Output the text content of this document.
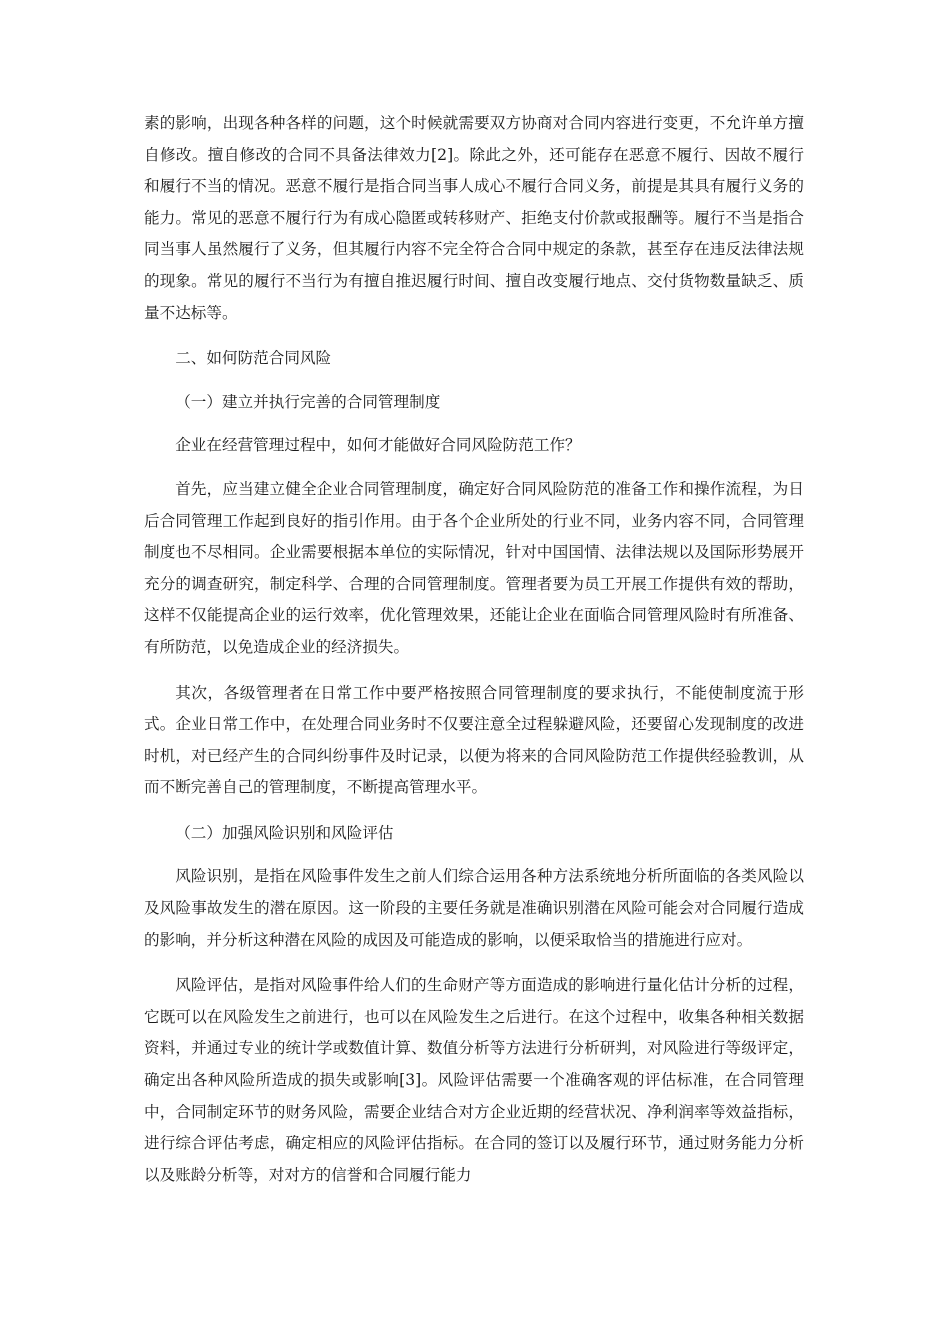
素的影响，出现各种各样的问题，这个时候就需要双方协商对合同内容进行变更，不允许单方擅自修改。擅自修改的合同不具备法律效力[2]。除此之外，还可能存在恶意不履行、因故不履行和履行不当的情况。恶意不履行是指合同当事人成心不履行合同义务，前提是其具有履行义务的能力。常见的恶意不履行行为有成心隐匿或转移财产、拒绝支付价款或报酬等。履行不当是指合同当事人虽然履行了义务，但其履行内容不完全符合合同中规定的条款，甚至存在违反法律法规的现象。常见的履行不当行为有擅自推迟履行时间、擅自改变履行地点、交付货物数量缺乏、质量不达标等。

二、如何防范合同风险

（一）建立并执行完善的合同管理制度

企业在经营管理过程中，如何才能做好合同风险防范工作？

首先，应当建立健全企业合同管理制度，确定好合同风险防范的准备工作和操作流程，为日后合同管理工作起到良好的指引作用。由于各个企业所处的行业不同，业务内容不同，合同管理制度也不尽相同。企业需要根据本单位的实际情况，针对中国国情、法律法规以及国际形势展开充分的调查研究，制定科学、合理的合同管理制度。管理者要为员工开展工作提供有效的帮助，这样不仅能提高企业的运行效率，优化管理效果，还能让企业在面临合同管理风险时有所准备、有所防范，以免造成企业的经济损失。

其次，各级管理者在日常工作中要严格按照合同管理制度的要求执行，不能使制度流于形式。企业日常工作中，在处理合同业务时不仅要注意全过程躲避风险，还要留心发现制度的改进时机，对已经产生的合同纠纷事件及时记录，以便为将来的合同风险防范工作提供经验教训，从而不断完善自己的管理制度，不断提高管理水平。

（二）加强风险识别和风险评估

风险识别，是指在风险事件发生之前人们综合运用各种方法系统地分析所面临的各类风险以及风险事故发生的潜在原因。这一阶段的主要任务就是准确识别潜在风险可能会对合同履行造成的影响，并分析这种潜在风险的成因及可能造成的影响，以便采取恰当的措施进行应对。

风险评估，是指对风险事件给人们的生命财产等方面造成的影响进行量化估计分析的过程，它既可以在风险发生之前进行，也可以在风险发生之后进行。在这个过程中，收集各种相关数据资料，并通过专业的统计学或数值计算、数值分析等方法进行分析研判，对风险进行等级评定，确定出各种风险所造成的损失或影响[3]。风险评估需要一个准确客观的评估标准，在合同管理中，合同制定环节的财务风险，需要企业结合对方企业近期的经营状况、净利润率等效益指标，进行综合评估考虑，确定相应的风险评估指标。在合同的签订以及履行环节，通过财务能力分析以及账龄分析等，对对方的信誉和合同履行能力
